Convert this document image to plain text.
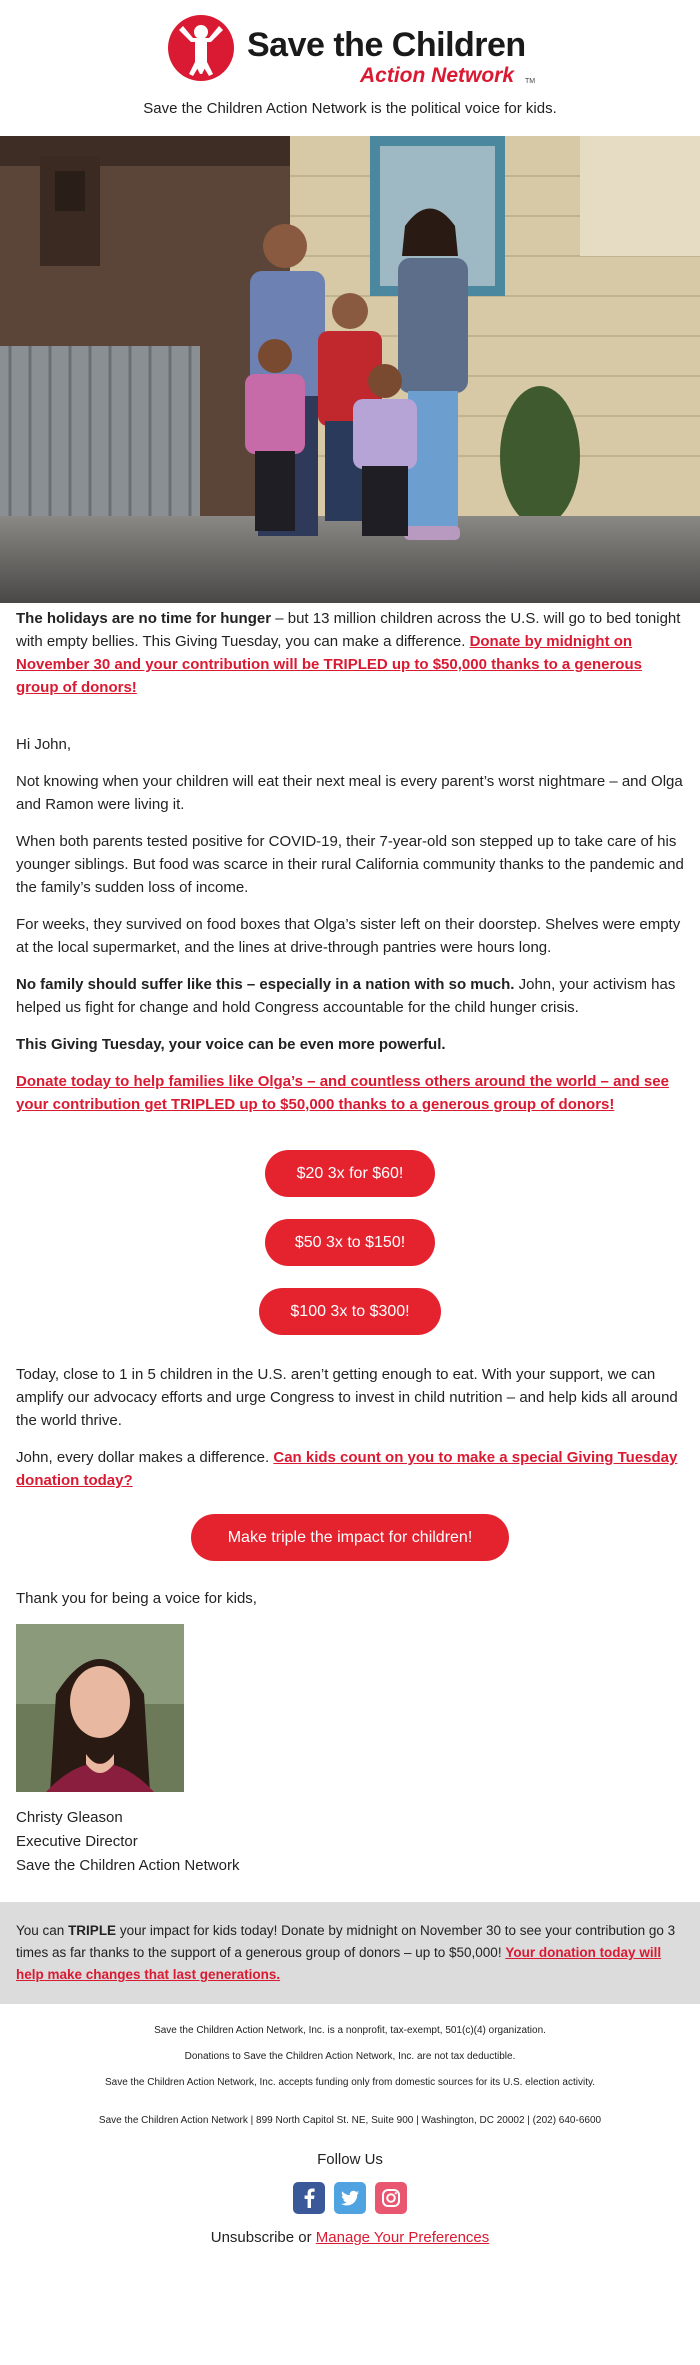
Save the Children
Action Network TM
Save the Children Action Network is the political voice for kids.

The holidays are no time for hunger – but 13 million children across the U.S. will go to bed tonight with empty bellies. This Giving Tuesday, you can make a difference. Donate by midnight on November 30 and your contribution will be TRIPLED up to $50,000 thanks to a generous group of donors!

Hi John,

Not knowing when your children will eat their next meal is every parent’s worst nightmare – and Olga and Ramon were living it.

When both parents tested positive for COVID-19, their 7-year-old son stepped up to take care of his younger siblings. But food was scarce in their rural California community thanks to the pandemic and the family’s sudden loss of income.

For weeks, they survived on food boxes that Olga’s sister left on their doorstep. Shelves were empty at the local supermarket, and the lines at drive-through pantries were hours long.

No family should suffer like this – especially in a nation with so much. John, your activism has helped us fight for change and hold Congress accountable for the child hunger crisis.

This Giving Tuesday, your voice can be even more powerful.

Donate today to help families like Olga’s – and countless others around the world – and see your contribution get TRIPLED up to $50,000 thanks to a generous group of donors!

$20 3x for $60!
$50 3x to $150!
$100 3x to $300!

Today, close to 1 in 5 children in the U.S. aren’t getting enough to eat. With your support, we can amplify our advocacy efforts and urge Congress to invest in child nutrition – and help kids all around the world thrive.

John, every dollar makes a difference. Can kids count on you to make a special Giving Tuesday donation today?

Make triple the impact for children!

Thank you for being a voice for kids,

Christy Gleason
Executive Director
Save the Children Action Network
You can TRIPLE your impact for kids today! Donate by midnight on November 30 to see your contribution go 3 times as far thanks to the support of a generous group of donors – up to $50,000! Your donation today will help make changes that last generations.
Save the Children Action Network, Inc. is a nonprofit, tax-exempt, 501(c)(4) organization.
Donations to Save the Children Action Network, Inc. are not tax deductible.
Save the Children Action Network, Inc. accepts funding only from domestic sources for its U.S. election activity.
Save the Children Action Network | 899 North Capitol St. NE, Suite 900 | Washington, DC 20002 | (202) 640-6600
Follow Us

Unsubscribe or Manage Your Preferences
